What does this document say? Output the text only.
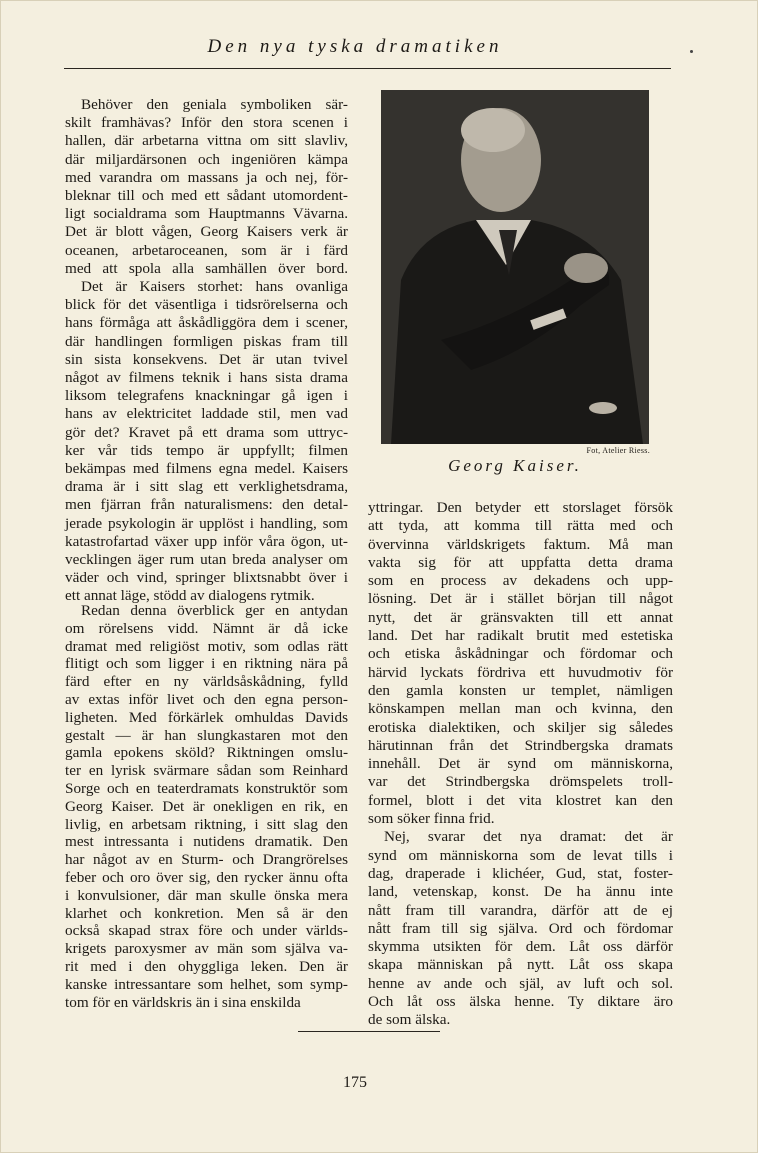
Den nya tyska dramatiken
Behöver den geniala symboliken sär-
skilt framhävas? Inför den stora scenen i
hallen, där arbetarna vittna om sitt slavliv,
där miljardärsonen och ingeniören kämpa
med varandra om massans ja och nej, för-
bleknar till och med ett sådant utomordent-
ligt socialdrama som Hauptmanns Vävarna.
Det är blott vågen, Georg Kaisers verk är
oceanen, arbetaroceanen, som är i färd
med att spola alla samhällen över bord.
Det är Kaisers storhet: hans ovanliga
blick för det väsentliga i tidsrörelserna och
hans förmåga att åskådliggöra dem i scener,
där handlingen formligen piskas fram till
sin sista konsekvens. Det är utan tvivel
något av filmens teknik i hans sista drama
liksom telegrafens knackningar gå igen i
hans av elektricitet laddade stil, men vad
gör det? Kravet på ett drama som uttryc-
ker vår tids tempo är uppfyllt; filmen
bekämpas med filmens egna medel. Kaisers
drama är i sitt slag ett verklighetsdrama,
men fjärran från naturalismens: den detal-
jerade psykologin är upplöst i handling, som
katastrofartad växer upp inför våra ögon, ut-
vecklingen äger rum utan breda analyser om
väder och vind, springer blixtsnabbt över i
ett annat läge, stödd av dialogens rytmik.
Redan denna överblick ger en antydan
om rörelsens vidd. Nämnt är då icke
dramat med religiöst motiv, som odlas rätt
flitigt och som ligger i en riktning nära på
färd efter en ny världsåskådning, fylld
av extas inför livet och den egna person-
ligheten. Med förkärlek omhuldas Davids
gestalt — är han slungkastaren mot den
gamla epokens sköld? Riktningen omslu-
ter en lyrisk svärmare sådan som Reinhard
Sorge och en teaterdramats konstruktör som
Georg Kaiser. Det är onekligen en rik, en
livlig, en arbetsam riktning, i sitt slag den
mest intressanta i nutidens dramatik. Den
har något av en Sturm- och Drangrörelses
feber och oro över sig, den rycker ännu ofta
i konvulsioner, där man skulle önska mera
klarhet och konkretion. Men så är den
också skapad strax före och under världs-
krigets paroxysmer av män som själva va-
rit med i den ohyggliga leken. Den är
kanske intressantare som helhet, som symp-
tom för en världskris än i sina enskilda
Fot, Atelier Riess.
Georg Kaiser.
yttringar. Den betyder ett storslaget försök
att tyda, att komma till rätta med och
övervinna världskrigets faktum. Må man
vakta sig för att uppfatta detta drama
som en process av dekadens och upp-
lösning. Det är i stället början till något
nytt, det är gränsvakten till ett annat
land. Det har radikalt brutit med estetiska
och etiska åskådningar och fördomar och
härvid lyckats fördriva ett huvudmotiv för
den gamla konsten ur templet, nämligen
könskampen mellan man och kvinna, den
erotiska dialektiken, och skiljer sig således
härutinnan från det Strindbergska dramats
innehåll. Det är synd om människorna,
var det Strindbergska drömspelets troll-
formel, blott i det vita klostret kan den
som söker finna frid.
Nej, svarar det nya dramat: det är
synd om människorna som de levat tills i
dag, draperade i klichéer, Gud, stat, foster-
land, vetenskap, konst. De ha ännu inte
nått fram till varandra, därför att de ej
nått fram till sig själva. Ord och fördomar
skymma utsikten för dem. Låt oss därför
skapa människan på nytt. Låt oss skapa
henne av ande och själ, av luft och sol.
Och låt oss älska henne. Ty diktare äro
de som älska.
175
